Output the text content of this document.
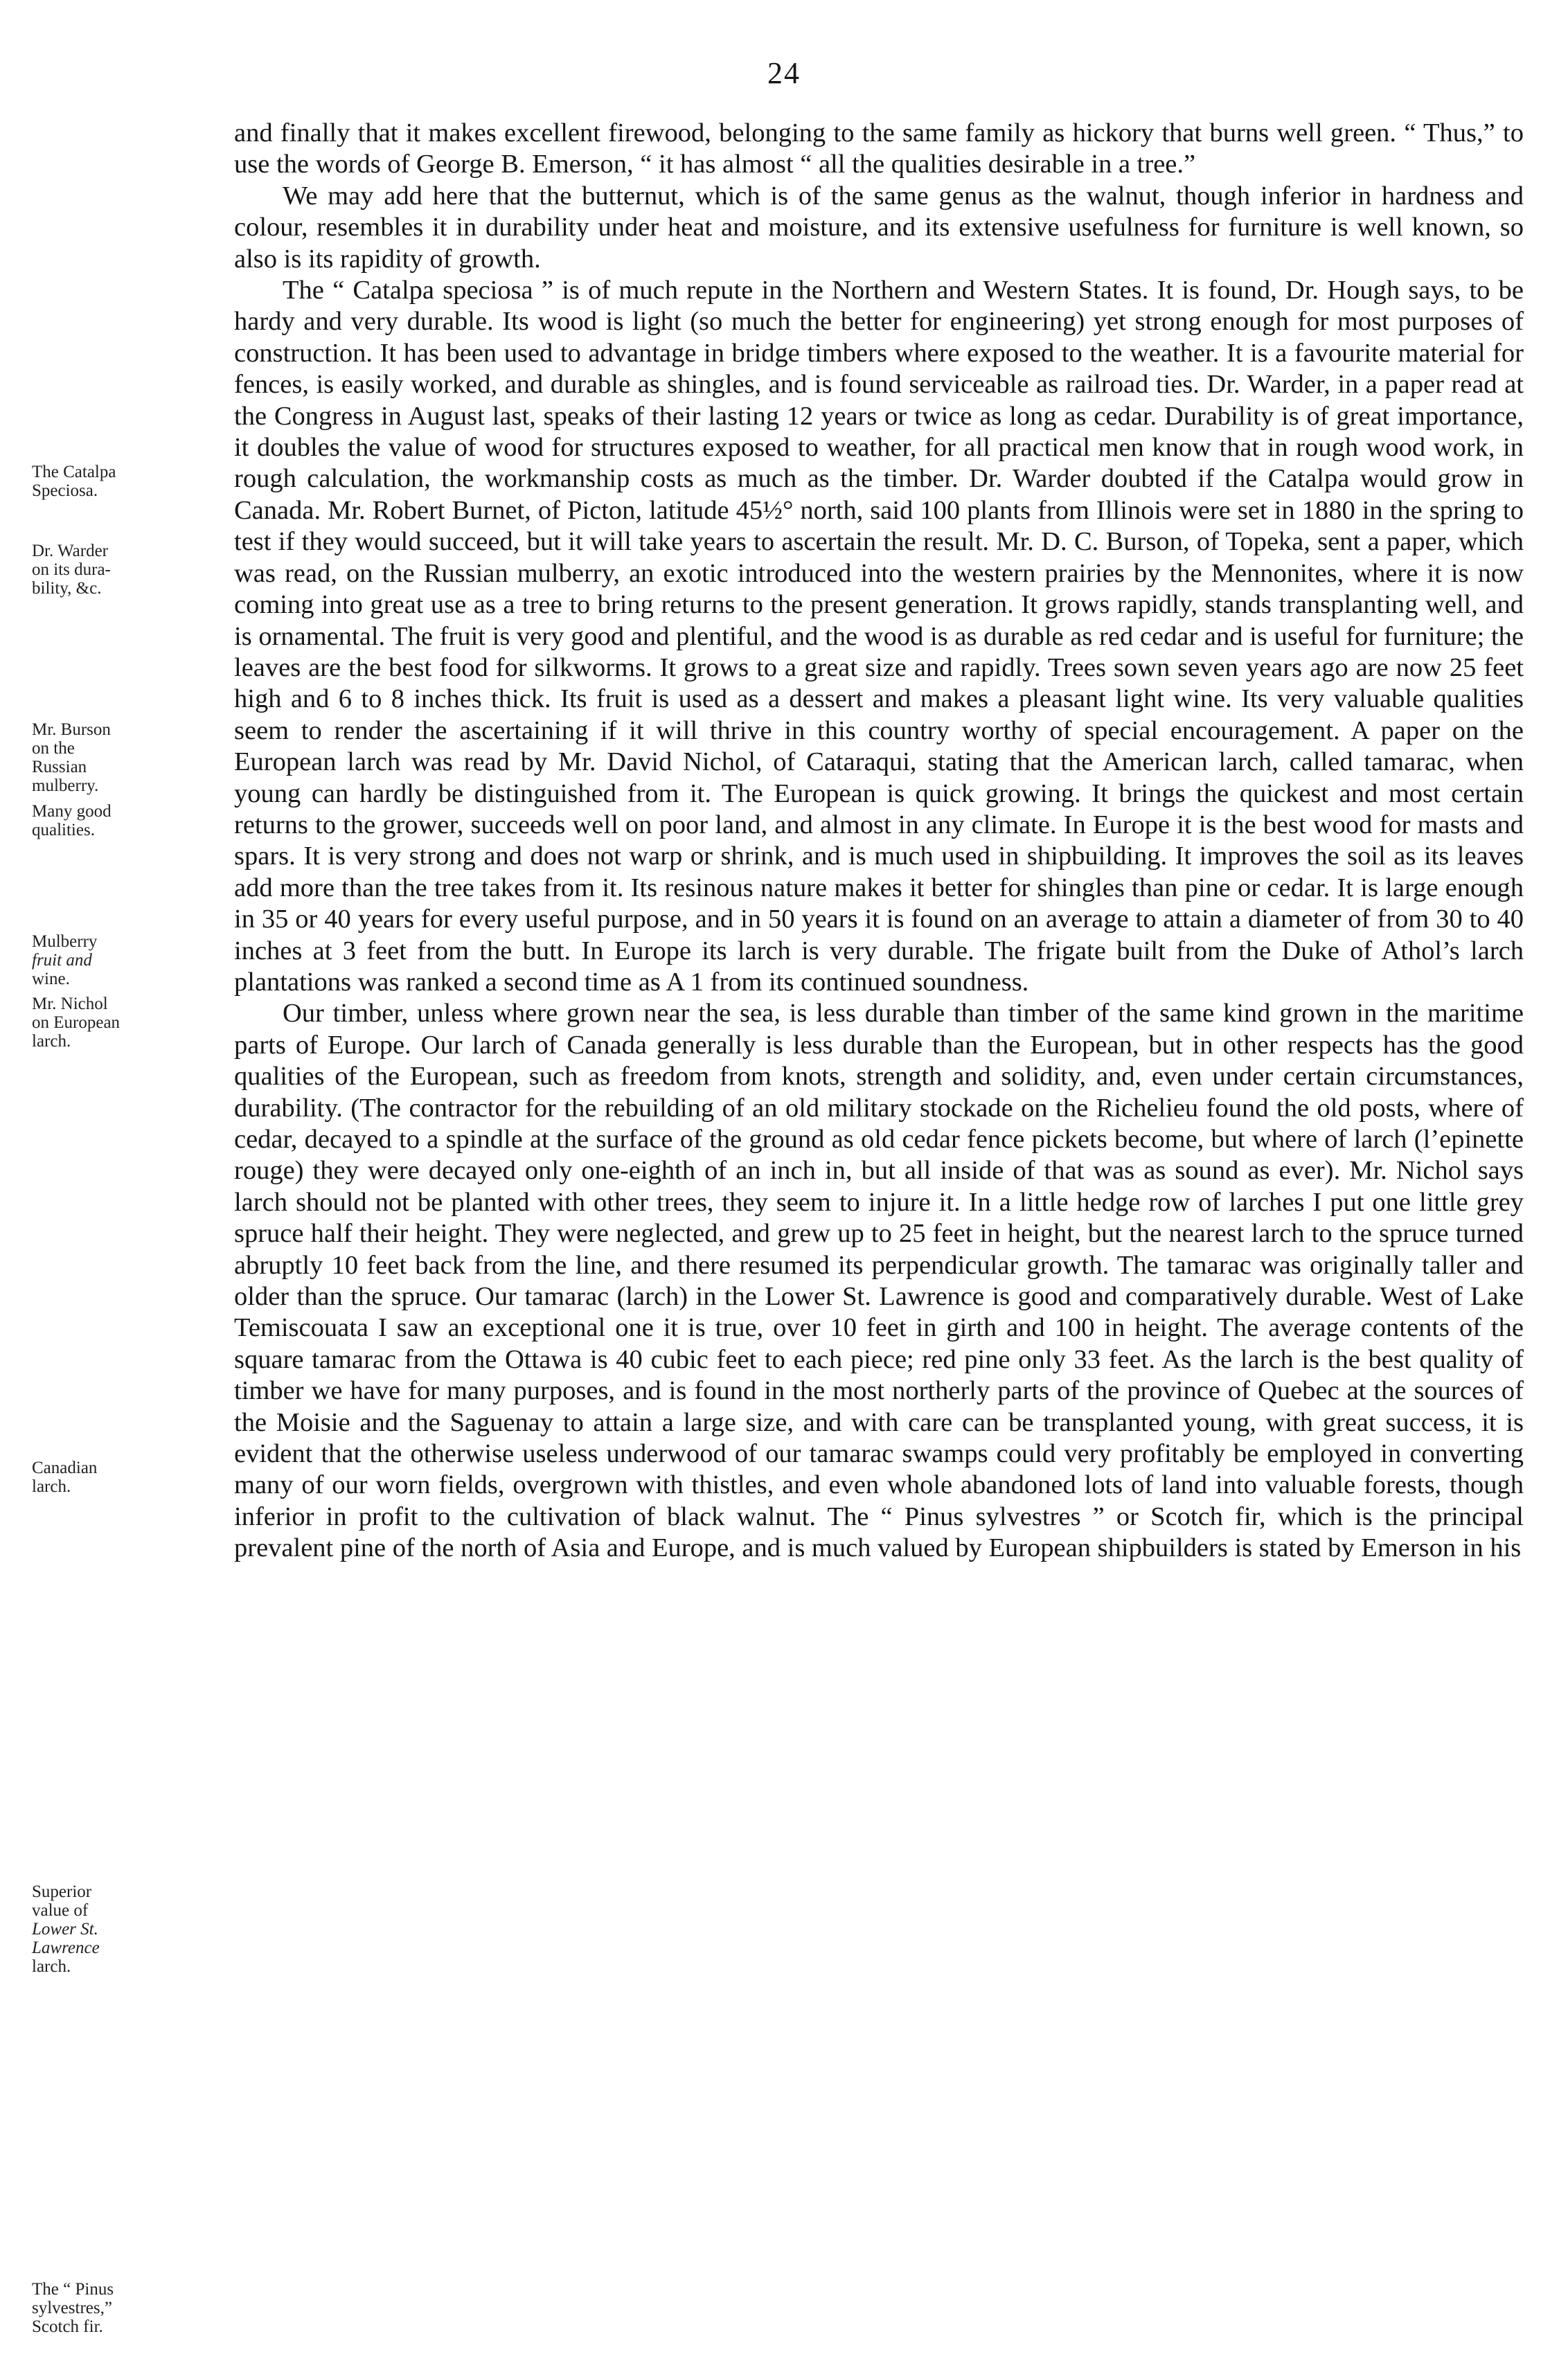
24
The Catalpa
Speciosa.
Dr. Warder
on its dura-
bility, &c.
Mr. Burson
on the
Russian
mulberry.
Many good
qualities.
Mulberry
fruit and
wine.
Mr. Nichol
on European
larch.
Canadian
larch.
Superior
value of
Lower St.
Lawrence
larch.
The “ Pinus
sylvestres,”
Scotch fir.

and finally that it makes excellent firewood, belonging to the same family as hickory that burns well green. “ Thus,” to use the words of George B. Emerson, “ it has almost “ all the qualities desirable in a tree.”

We may add here that the butternut, which is of the same genus as the walnut, though inferior in hardness and colour, resembles it in durability under heat and moisture, and its extensive usefulness for furniture is well known, so also is its rapidity of growth.

The “ Catalpa speciosa ” is of much repute in the Northern and Western States. It is found, Dr. Hough says, to be hardy and very durable. Its wood is light (so much the better for engineering) yet strong enough for most purposes of construction. It has been used to advantage in bridge timbers where exposed to the weather. It is a favourite material for fences, is easily worked, and durable as shingles, and is found serviceable as railroad ties. Dr. Warder, in a paper read at the Congress in August last, speaks of their lasting 12 years or twice as long as cedar. Durability is of great importance, it doubles the value of wood for structures exposed to weather, for all practical men know that in rough wood work, in rough calculation, the workmanship costs as much as the timber. Dr. Warder doubted if the Catalpa would grow in Canada. Mr. Robert Burnet, of Picton, latitude 45½° north, said 100 plants from Illinois were set in 1880 in the spring to test if they would succeed, but it will take years to ascertain the result. Mr. D. C. Burson, of Topeka, sent a paper, which was read, on the Russian mulberry, an exotic introduced into the western prairies by the Mennonites, where it is now coming into great use as a tree to bring returns to the present generation. It grows rapidly, stands transplanting well, and is ornamental. The fruit is very good and plentiful, and the wood is as durable as red cedar and is useful for furniture; the leaves are the best food for silkworms. It grows to a great size and rapidly. Trees sown seven years ago are now 25 feet high and 6 to 8 inches thick. Its fruit is used as a dessert and makes a pleasant light wine. Its very valuable qualities seem to render the ascertaining if it will thrive in this country worthy of special encouragement. A paper on the European larch was read by Mr. David Nichol, of Cataraqui, stating that the American larch, called tamarac, when young can hardly be distinguished from it. The European is quick growing. It brings the quickest and most certain returns to the grower, succeeds well on poor land, and almost in any climate. In Europe it is the best wood for masts and spars. It is very strong and does not warp or shrink, and is much used in shipbuilding. It improves the soil as its leaves add more than the tree takes from it. Its resinous nature makes it better for shingles than pine or cedar. It is large enough in 35 or 40 years for every useful purpose, and in 50 years it is found on an average to attain a diameter of from 30 to 40 inches at 3 feet from the butt. In Europe its larch is very durable. The frigate built from the Duke of Athol’s larch plantations was ranked a second time as A 1 from its continued soundness.

Our timber, unless where grown near the sea, is less durable than timber of the same kind grown in the maritime parts of Europe. Our larch of Canada generally is less durable than the European, but in other respects has the good qualities of the European, such as freedom from knots, strength and solidity, and, even under certain circumstances, durability. (The contractor for the rebuilding of an old military stockade on the Richelieu found the old posts, where of cedar, decayed to a spindle at the surface of the ground as old cedar fence pickets become, but where of larch (l’epinette rouge) they were decayed only one-eighth of an inch in, but all inside of that was as sound as ever). Mr. Nichol says larch should not be planted with other trees, they seem to injure it. In a little hedge row of larches I put one little grey spruce half their height. They were neglected, and grew up to 25 feet in height, but the nearest larch to the spruce turned abruptly 10 feet back from the line, and there resumed its perpendicular growth. The tamarac was originally taller and older than the spruce. Our tamarac (larch) in the Lower St. Lawrence is good and comparatively durable. West of Lake Temiscouata I saw an exceptional one it is true, over 10 feet in girth and 100 in height. The average contents of the square tamarac from the Ottawa is 40 cubic feet to each piece; red pine only 33 feet. As the larch is the best quality of timber we have for many purposes, and is found in the most northerly parts of the province of Quebec at the sources of the Moisie and the Saguenay to attain a large size, and with care can be transplanted young, with great success, it is evident that the otherwise useless underwood of our tamarac swamps could very profitably be employed in converting many of our worn fields, overgrown with thistles, and even whole abandoned lots of land into valuable forests, though inferior in profit to the cultivation of black walnut. The “ Pinus sylvestres ” or Scotch fir, which is the principal prevalent pine of the north of Asia and Europe, and is much valued by European shipbuilders is stated by Emerson in his
